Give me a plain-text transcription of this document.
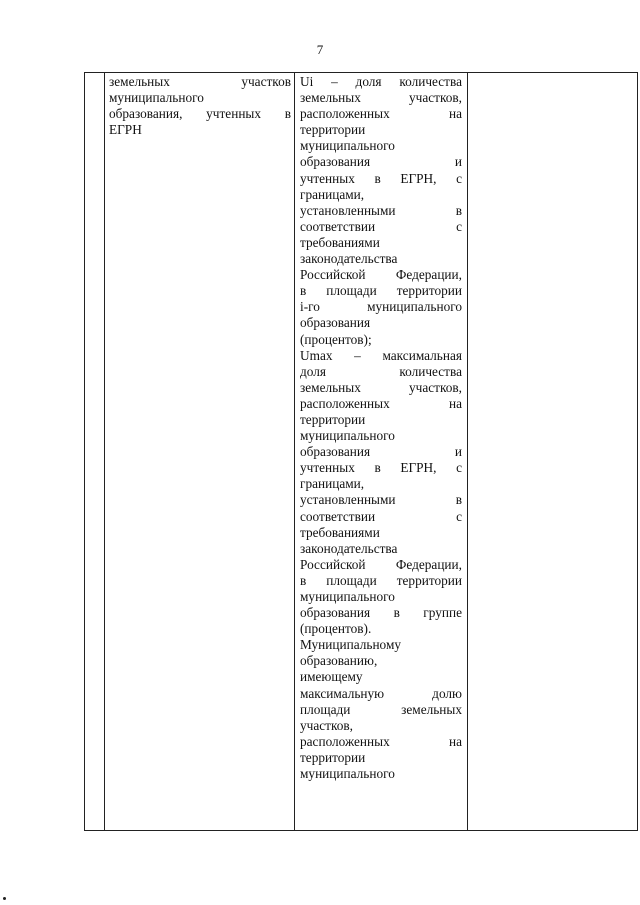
7
земельных участков
муниципального
образования, учтенных в
ЕГРН
Ui – доля количества
земельных участков,
расположенных на
территории
муниципального
образования и
учтенных в ЕГРН, с
границами,
установленными в
соответствии с
требованиями
законодательства
Российской Федерации,
в площади территории
i-го муниципального
образования
(процентов);
Umax – максимальная
доля количества
земельных участков,
расположенных на
территории
муниципального
образования и
учтенных в ЕГРН, с
границами,
установленными в
соответствии с
требованиями
законодательства
Российской Федерации,
в площади территории
муниципального
образования в группе
(процентов).
Муниципальному
образованию,
имеющему
максимальную долю
площади земельных
участков,
расположенных на
территории
муниципального
